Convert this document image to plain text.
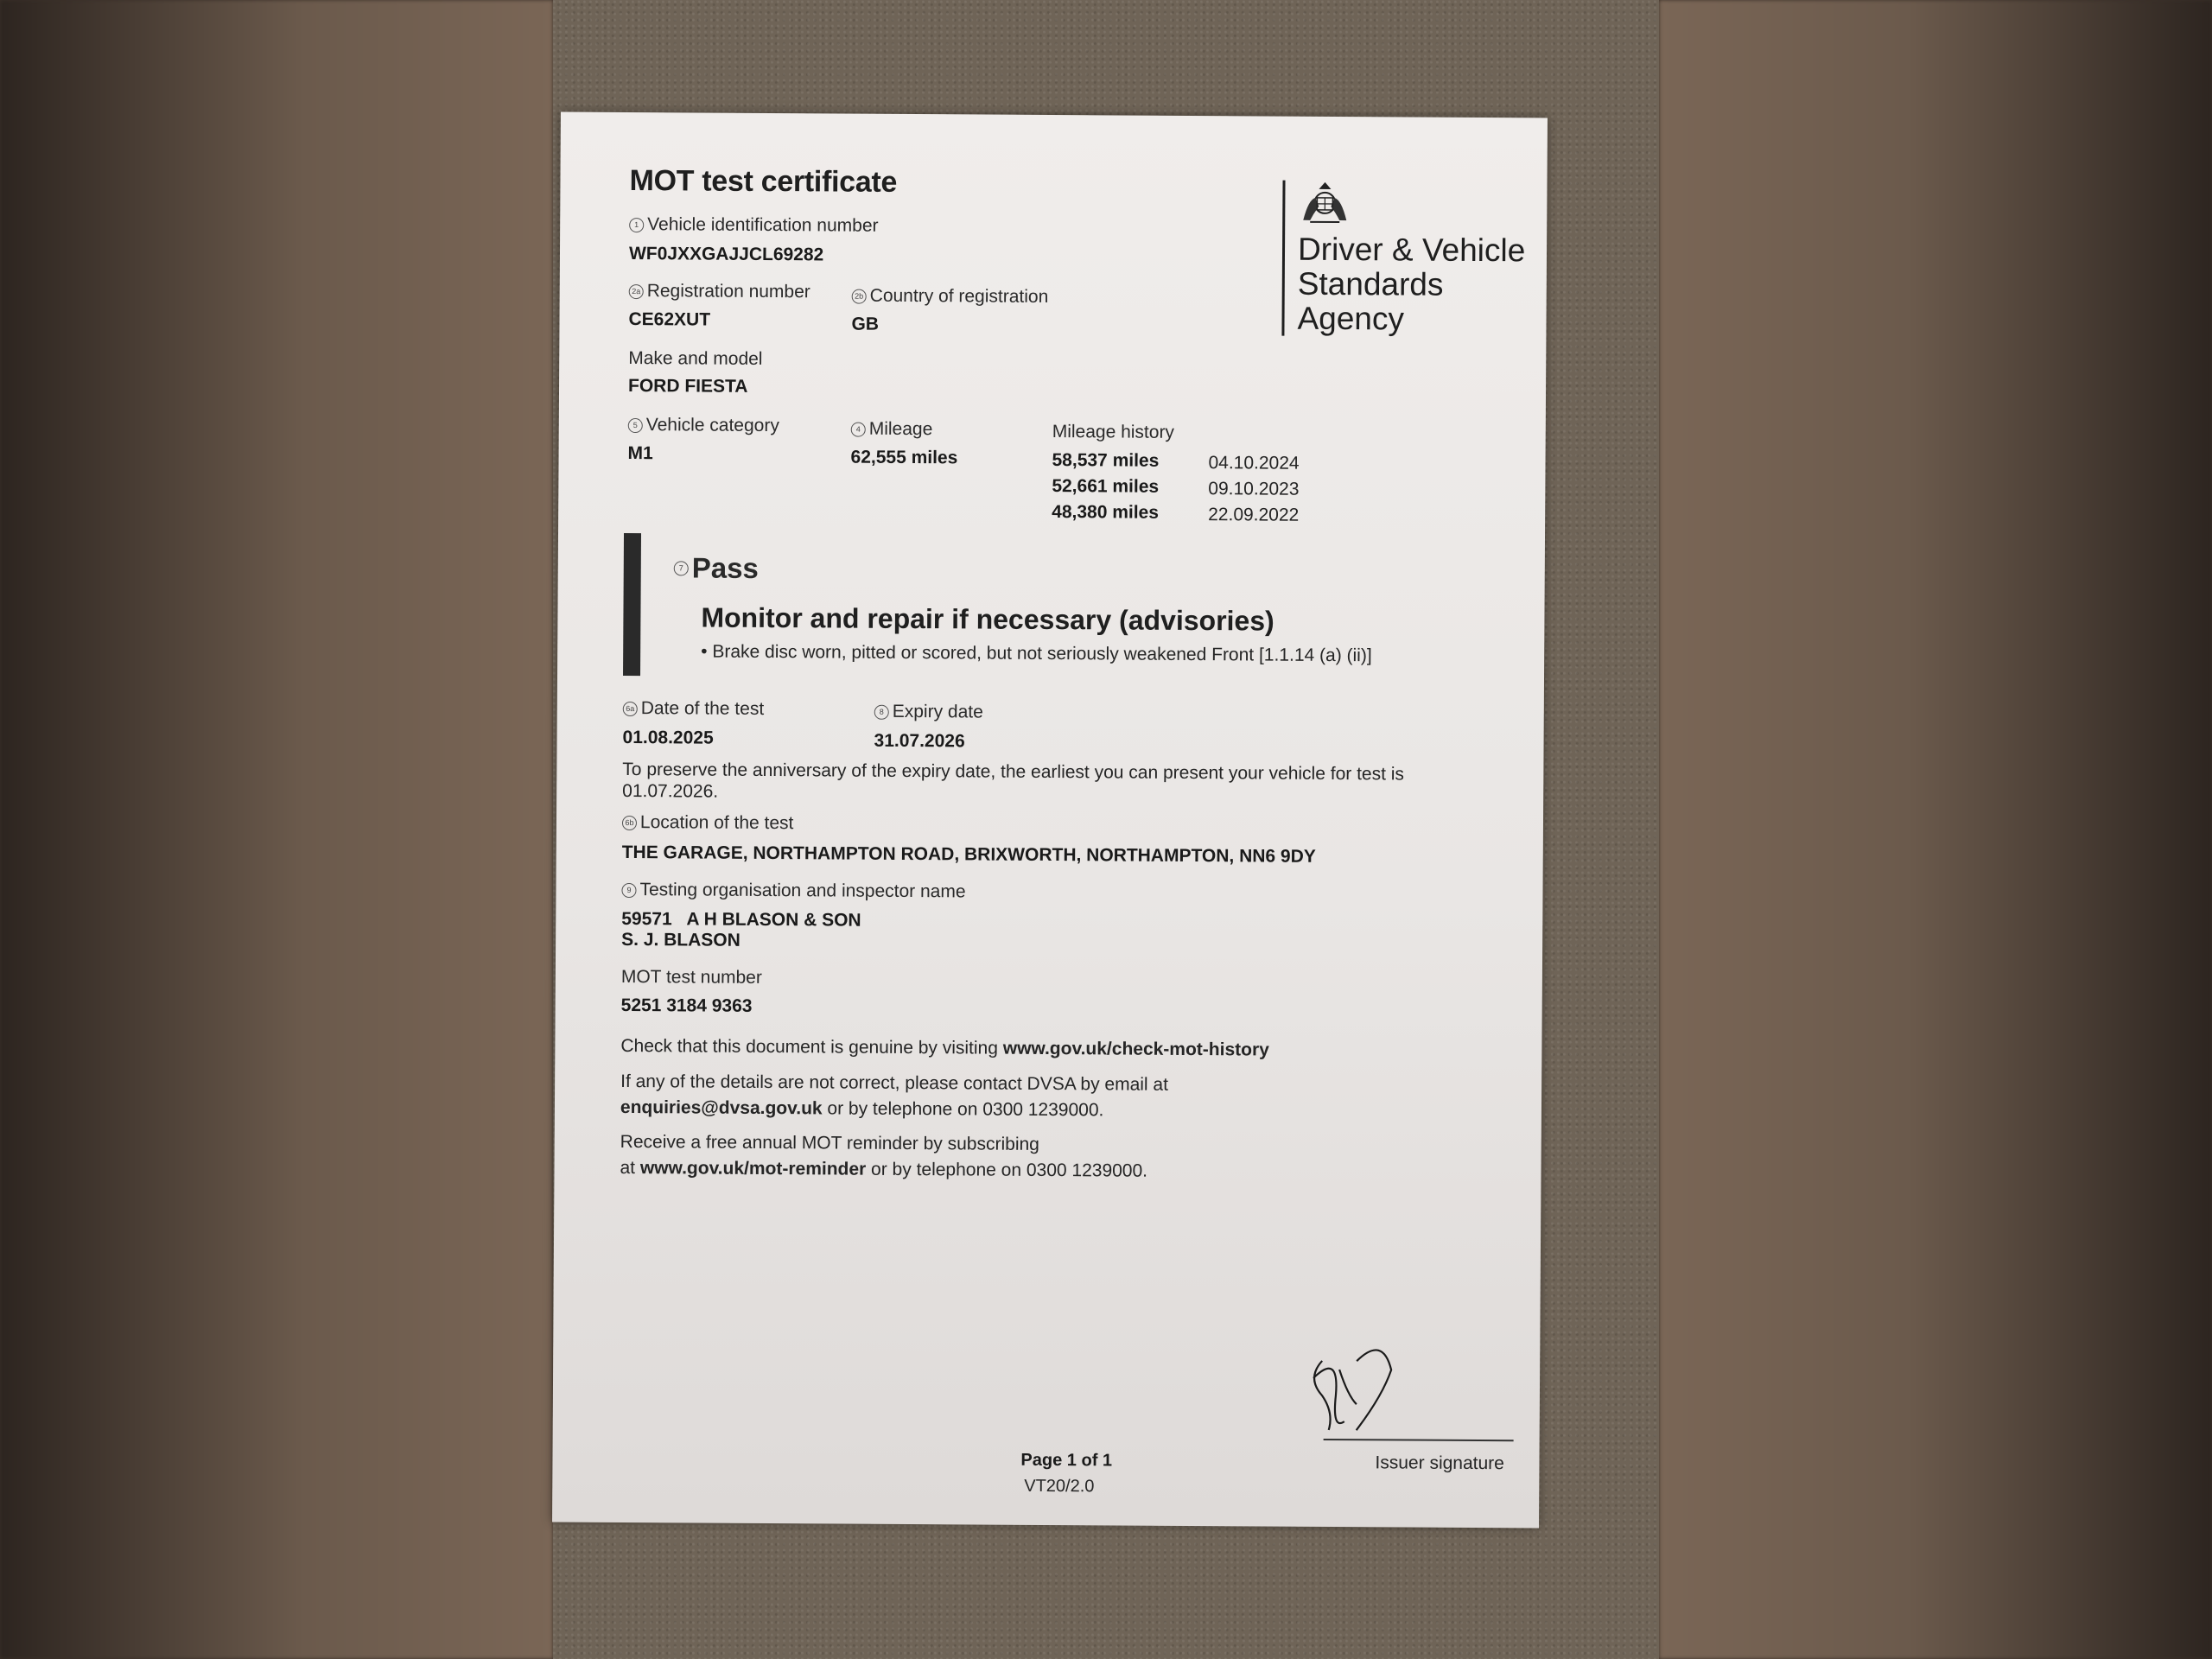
MOT test certificate
Driver & Vehicle Standards Agency
1 Vehicle identification number
WF0JXXGAJJCL69282
2a Registration number
CE62XUT
2b Country of registration
GB
Make and model
FORD FIESTA
5 Vehicle category
M1
4 Mileage
62,555 miles
Mileage history
58,537 miles	04.10.2024
52,661 miles	09.10.2023
48,380 miles	22.09.2022
7 Pass
Monitor and repair if necessary (advisories)
• Brake disc worn, pitted or scored, but not seriously weakened Front [1.1.14 (a) (ii)]
6a Date of the test
01.08.2025
8 Expiry date
31.07.2026
To preserve the anniversary of the expiry date, the earliest you can present your vehicle for test is 01.07.2026.
6b Location of the test
THE GARAGE, NORTHAMPTON ROAD, BRIXWORTH, NORTHAMPTON, NN6 9DY
9 Testing organisation and inspector name
59571   A H BLASON & SON
S. J. BLASON
MOT test number
5251 3184 9363
Check that this document is genuine by visiting www.gov.uk/check-mot-history
If any of the details are not correct, please contact DVSA by email at
enquiries@dvsa.gov.uk or by telephone on 0300 1239000.
Receive a free annual MOT reminder by subscribing
at www.gov.uk/mot-reminder or by telephone on 0300 1239000.
Issuer signature
Page 1 of 1
VT20/2.0
